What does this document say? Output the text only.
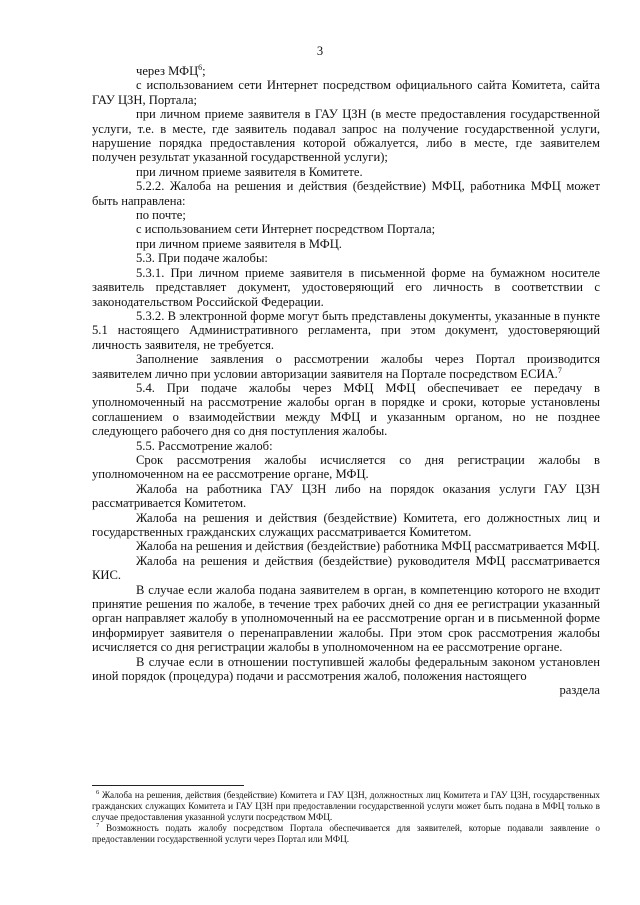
3

через МФЦ$^6$;

с использованием сети Интернет посредством официального сайта Комитета, сайта ГАУ ЦЗН, Портала;

при личном приеме заявителя в ГАУ ЦЗН (в месте предоставления государственной услуги, т.е. в месте, где заявитель подавал запрос на получение государственной услуги, нарушение порядка предоставления которой обжалуется, либо в месте, где заявителем получен результат указанной государственной услуги);

при личном приеме заявителя в Комитете.

5.2.2. Жалоба на решения и действия (бездействие) МФЦ, работника МФЦ может быть направлена:

по почте;

с использованием сети Интернет посредством Портала;

при личном приеме заявителя в МФЦ.

5.3. При подаче жалобы:

5.3.1. При личном приеме заявителя в письменной форме на бумажном носителе заявитель представляет документ, удостоверяющий его личность в соответствии с законодательством Российской Федерации.

5.3.2. В электронной форме могут быть представлены документы, указанные в пункте 5.1 настоящего Административного регламента, при этом документ, удостоверяющий личность заявителя, не требуется.

Заполнение заявления о рассмотрении жалобы через Портал производится заявителем лично при условии авторизации заявителя на Портале посредством ЕСИА.$^7$

5.4. При подаче жалобы через МФЦ МФЦ обеспечивает ее передачу в уполномоченный на рассмотрение жалобы орган в порядке и сроки, которые установлены соглашением о взаимодействии между МФЦ и указанным органом, но не позднее следующего рабочего дня со дня поступления жалобы.

5.5. Рассмотрение жалоб:

Срок рассмотрения жалобы исчисляется со дня регистрации жалобы в уполномоченном на ее рассмотрение органе, МФЦ.

Жалоба на работника ГАУ ЦЗН либо на порядок оказания услуги ГАУ ЦЗН рассматривается Комитетом.

Жалоба на решения и действия (бездействие) Комитета, его должностных лиц и государственных гражданских служащих рассматривается Комитетом.

Жалоба на решения и действия (бездействие) работника МФЦ рассматривается МФЦ.

Жалоба на решения и действия (бездействие) руководителя МФЦ рассматривается КИС.

В случае если жалоба подана заявителем в орган, в компетенцию которого не входит принятие решения по жалобе, в течение трех рабочих дней со дня ее регистрации указанный орган направляет жалобу в уполномоченный на ее рассмотрение орган и в письменной форме информирует заявителя о перенаправлении жалобы. При этом срок рассмотрения жалобы исчисляется со дня регистрации жалобы в уполномоченном на ее рассмотрение органе.

В случае если в отношении поступившей жалобы федеральным законом установлен иной порядок (процедура) подачи и рассмотрения жалоб, положения настоящего

раздела

$^6$ Жалоба на решения, действия (бездействие) Комитета и ГАУ ЦЗН, должностных лиц Комитета и ГАУ ЦЗН, государственных гражданских служащих Комитета и ГАУ ЦЗН при предоставлении государственной услуги может быть подана в МФЦ только в случае предоставления указанной услуги посредством МФЦ.

$^7$ Возможность подать жалобу посредством Портала обеспечивается для заявителей, которые подавали заявление о предоставлении государственной услуги через Портал или МФЦ.
